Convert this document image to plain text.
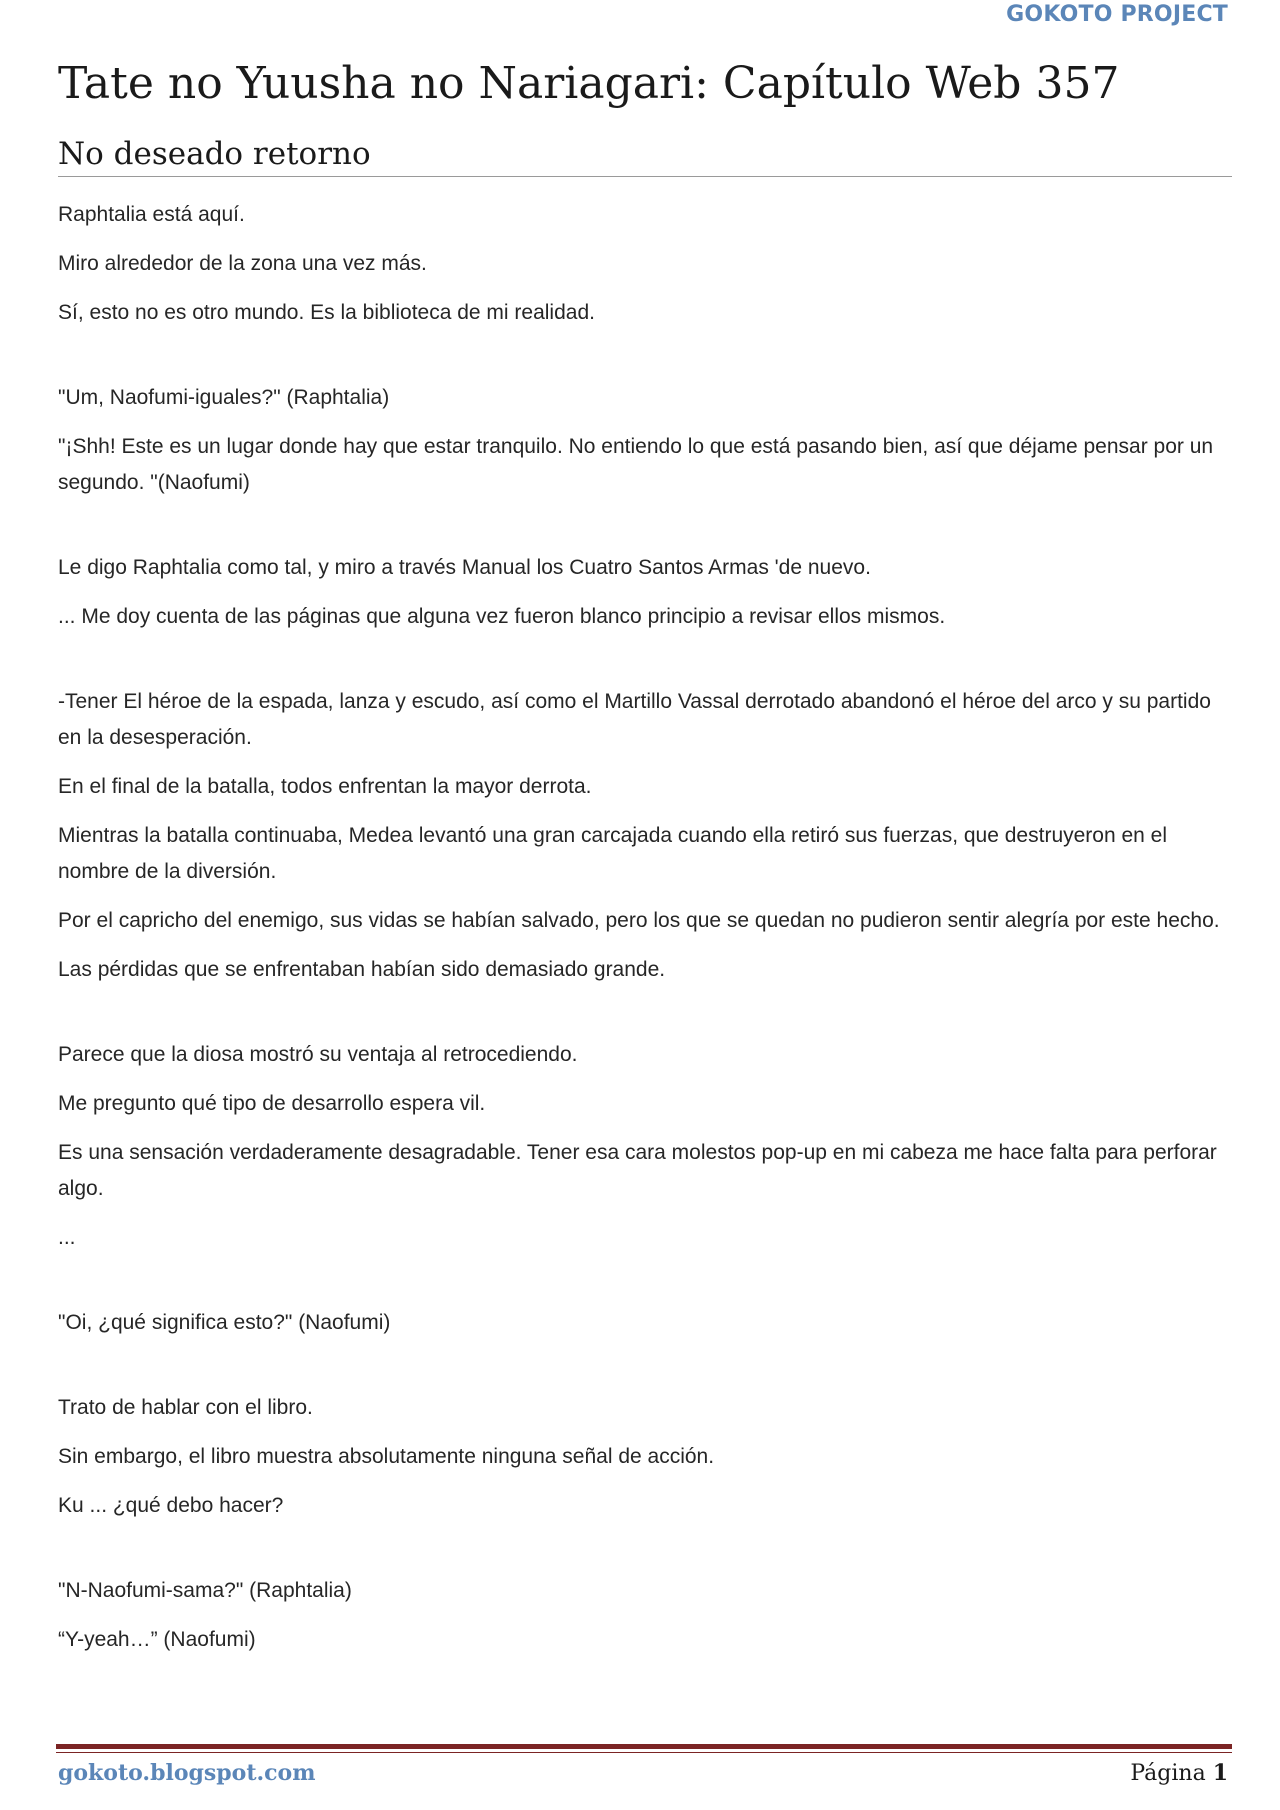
GOKOTO PROJECT
Tate no Yuusha no Nariagari: Capítulo Web 357
No deseado retorno

Raphtalia está aquí.

Miro alrededor de la zona una vez más.

Sí, esto no es otro mundo. Es la biblioteca de mi realidad.

"Um, Naofumi-iguales?" (Raphtalia)

"¡Shh! Este es un lugar donde hay que estar tranquilo. No entiendo lo que está pasando bien, así que déjame pensar por un segundo. "(Naofumi)

Le digo Raphtalia como tal, y miro a través Manual los Cuatro Santos Armas 'de nuevo.

... Me doy cuenta de las páginas que alguna vez fueron blanco principio a revisar ellos mismos.

-Tener El héroe de la espada, lanza y escudo, así como el Martillo Vassal derrotado abandonó el héroe del arco y su partido en la desesperación.

En el final de la batalla, todos enfrentan la mayor derrota.

Mientras la batalla continuaba, Medea levantó una gran carcajada cuando ella retiró sus fuerzas, que destruyeron en el nombre de la diversión.

Por el capricho del enemigo, sus vidas se habían salvado, pero los que se quedan no pudieron sentir alegría por este hecho.

Las pérdidas que se enfrentaban habían sido demasiado grande.

Parece que la diosa mostró su ventaja al retrocediendo.

Me pregunto qué tipo de desarrollo espera vil.

Es una sensación verdaderamente desagradable. Tener esa cara molestos pop-up en mi cabeza me hace falta para perforar algo.

...

"Oi, ¿qué significa esto?" (Naofumi)

Trato de hablar con el libro.

Sin embargo, el libro muestra absolutamente ninguna señal de acción.

Ku ... ¿qué debo hacer?

"N-Naofumi-sama?" (Raphtalia)

“Y-yeah…” (Naofumi)

gokoto.blogspot.com	Página 1
